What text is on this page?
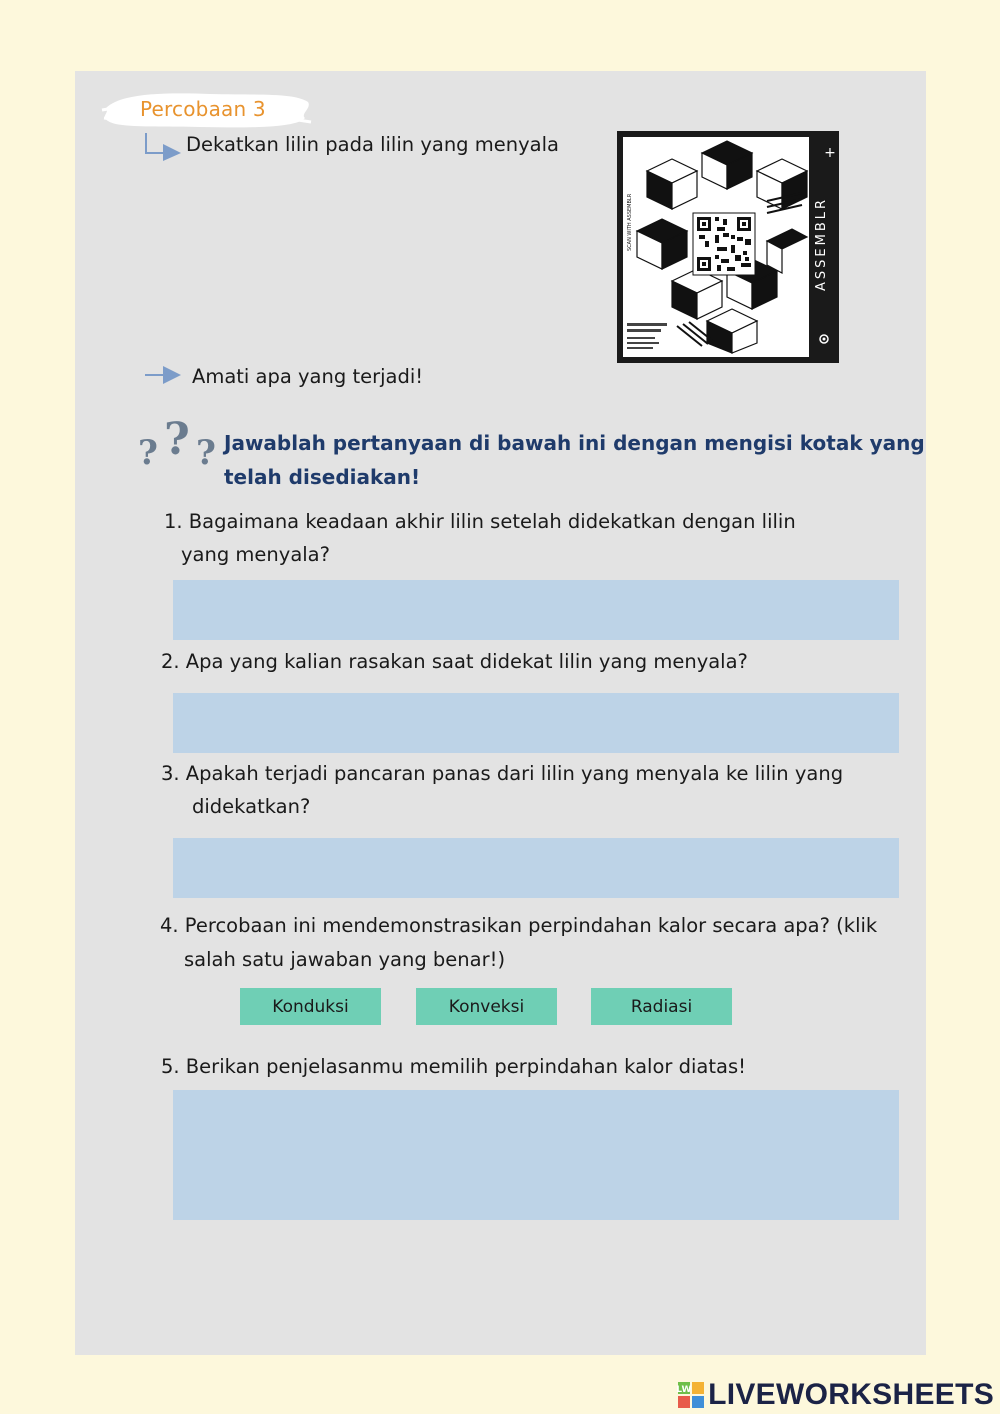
Percobaan 3
Dekatkan lilin pada lilin yang menyala
ASSEMBLR
+
SCAN WITH ASSEMBLR
Amati apa yang terjadi!
? ? ? Jawablah pertanyaan di bawah ini dengan mengisi kotak yang
telah disediakan!
1. Bagaimana keadaan akhir lilin setelah didekatkan dengan lilin
yang menyala?
2. Apa yang kalian rasakan saat didekat lilin yang menyala?
3. Apakah terjadi pancaran panas dari lilin yang menyala ke lilin yang
didekatkan?
4. Percobaan ini mendemonstrasikan perpindahan kalor secara apa? (klik
salah satu jawaban yang benar!)
Konduksi	Konveksi	Radiasi
5. Berikan penjelasanmu memilih perpindahan kalor diatas!
LW LIVEWORKSHEETS
